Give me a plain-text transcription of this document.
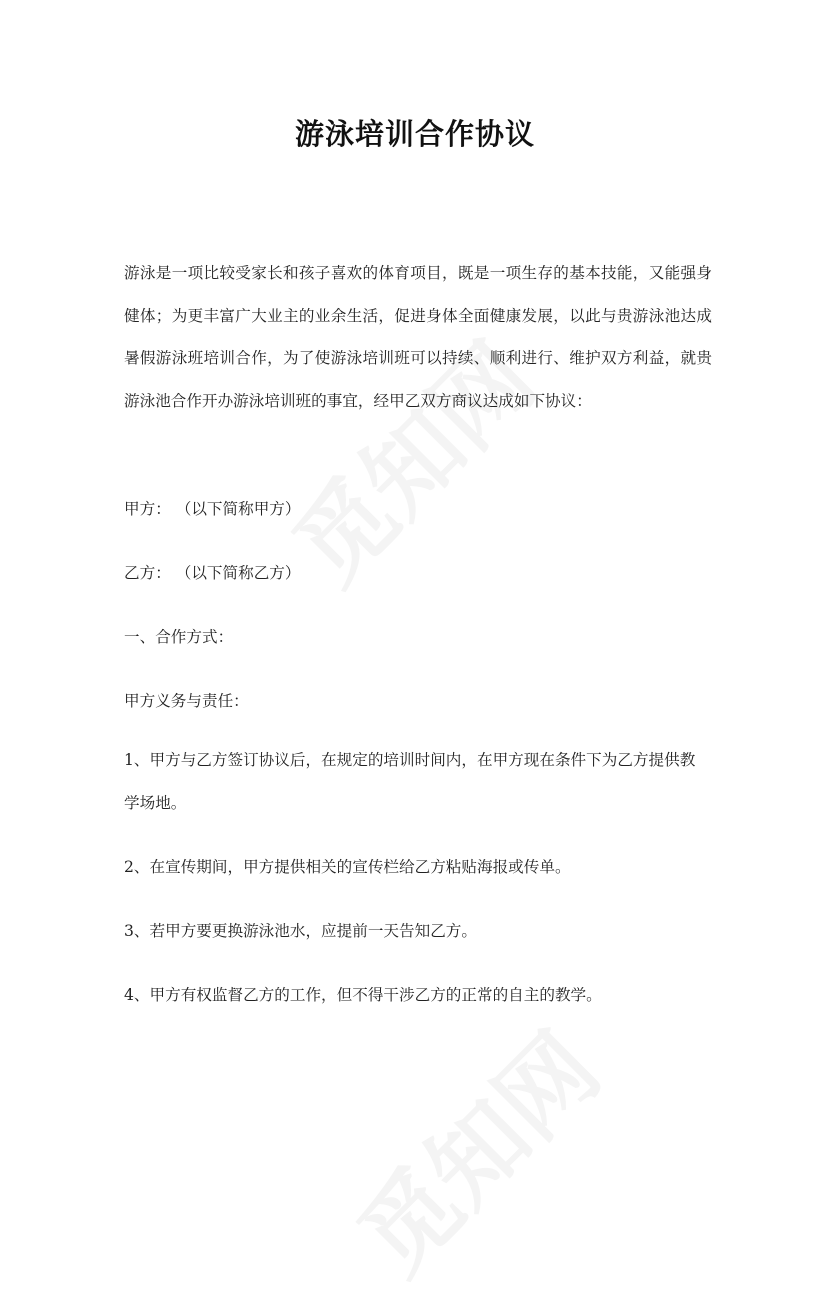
游泳培训合作协议

游泳是一项比较受家长和孩子喜欢的体育项目，既是一项生存的基本技能，又能强身健体；为更丰富广大业主的业余生活，促进身体全面健康发展，以此与贵游泳池达成暑假游泳班培训合作，为了使游泳培训班可以持续、顺利进行、维护双方利益，就贵游泳池合作开办游泳培训班的事宜，经甲乙双方商议达成如下协议：

甲方： （以下简称甲方）

乙方： （以下简称乙方）

一、合作方式：

甲方义务与责任：

1、甲方与乙方签订协议后，在规定的培训时间内，在甲方现在条件下为乙方提供教学场地。

2、在宣传期间，甲方提供相关的宣传栏给乙方粘贴海报或传单。

3、若甲方要更换游泳池水，应提前一天告知乙方。

4、甲方有权监督乙方的工作，但不得干涉乙方的正常的自主的教学。
